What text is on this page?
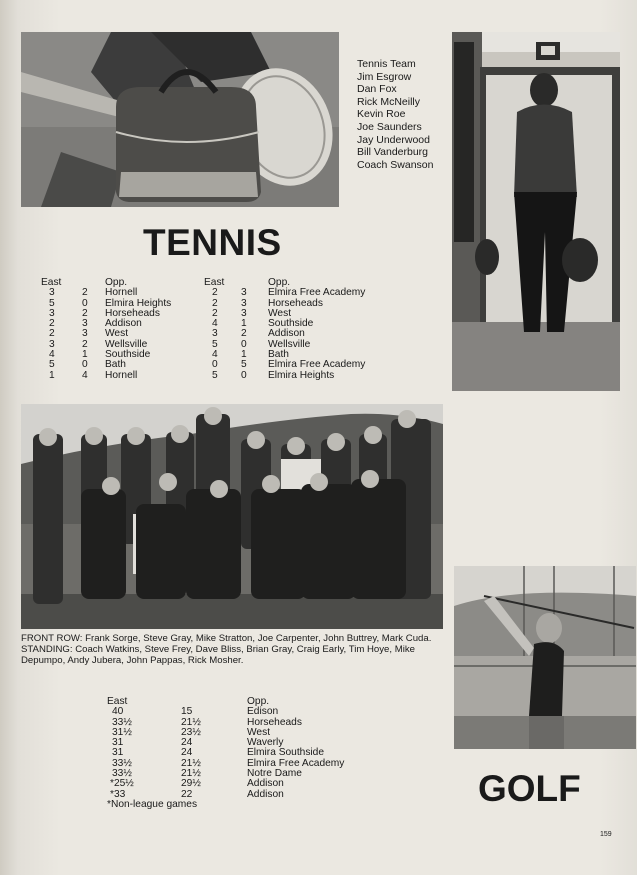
Tennis Team
Jim Esgrow
Dan Fox
Rick McNeilly
Kevin Roe
Joe Saunders
Jay Underwood
Bill Vanderburg
Coach Swanson
TENNIS
East	Opp.
3	2 Hornell
5	0 Elmira Heights
3	2 Horseheads
2	3 Addison
2	3 West
3	2 Wellsville
4	1 Southside
5	0 Bath
1	4 Hornell
East	Opp.
2 3 Elmira Free Academy
2 3 Horseheads
2 3 West
4 1 Southside
3 2 Addison
5 0 Wellsville
4 1 Bath
0 5 Elmira Free Academy
5 0 Elmira Heights
FRONT ROW: Frank Sorge, Steve Gray, Mike Stratton, Joe Carpenter, John Buttrey, Mark Cuda. STANDING: Coach Watkins, Steve Frey, Dave Bliss, Brian Gray, Craig Early, Tim Hoye, Mike Depumpo, Andy Jubera, John Pappas, Rick Mosher.
East	Opp.
40	15	Edison
33½	21½	Horseheads
31½	23½	West
31	24	Waverly
31	24	Elmira Southside
33½	21½	Elmira Free Academy
33½	21½	Notre Dame
*25½	29½	Addison
*33	22	Addison
*Non-league games	GOLF
159
